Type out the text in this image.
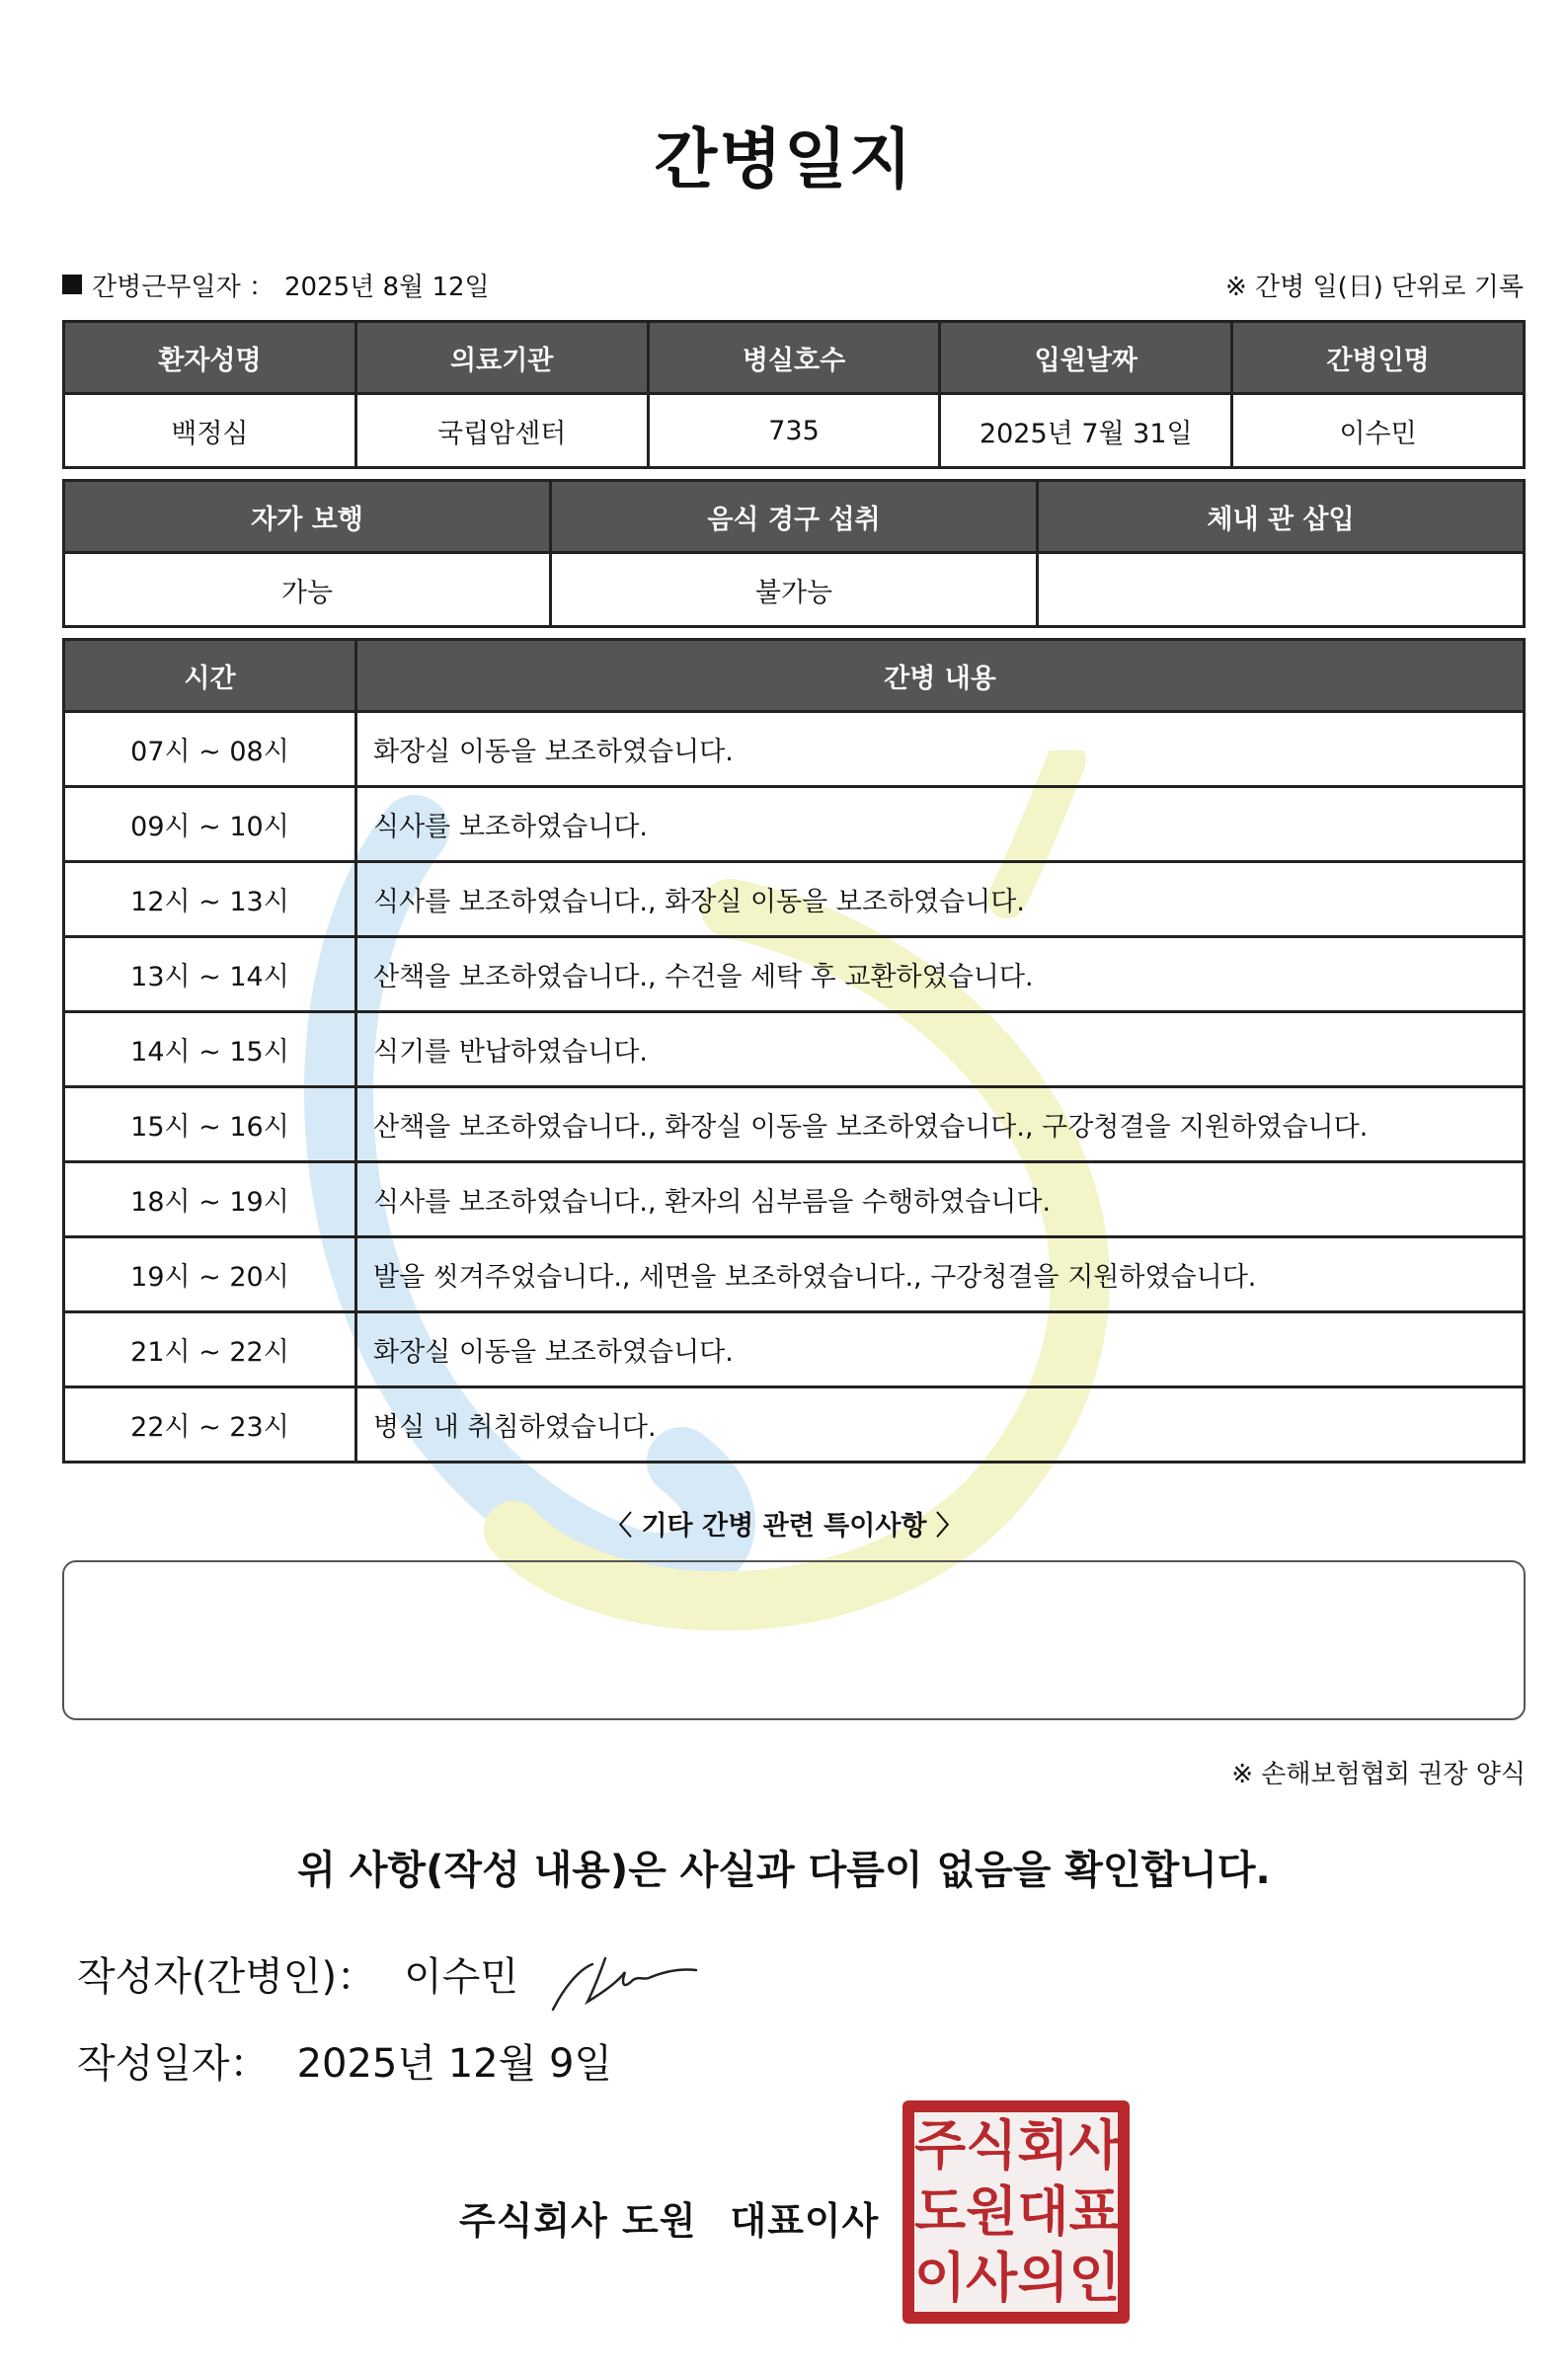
간병일지
간병근무일자 ： 2025년 8월 12일	※ 간병 일(日) 단위로 기록
환자성명	의료기관	병실호수	입원날짜	간병인명
백정심	국립암센터	735	2025년 7월 31일	이수민
자가 보행	음식 경구 섭취	체내 관 삽입
가능	불가능	
시간	간병 내용
07시 ~ 08시	화장실 이동을 보조하였습니다.
09시 ~ 10시	식사를 보조하였습니다.
12시 ~ 13시	식사를 보조하였습니다., 화장실 이동을 보조하였습니다.
13시 ~ 14시	산책을 보조하였습니다., 수건을 세탁 후 교환하였습니다.
14시 ~ 15시	식기를 반납하였습니다.
15시 ~ 16시	산책을 보조하였습니다., 화장실 이동을 보조하였습니다., 구강청결을 지원하였습니다.
18시 ~ 19시	식사를 보조하였습니다., 환자의 심부름을 수행하였습니다.
19시 ~ 20시	발을 씻겨주었습니다., 세면을 보조하였습니다., 구강청결을 지원하였습니다.
21시 ~ 22시	화장실 이동을 보조하였습니다.
22시 ~ 23시	병실 내 취침하였습니다.
〈 기타 간병 관련 특이사항 〉
※ 손해보험협회 권장 양식
위 사항(작성 내용)은 사실과 다름이 없음을 확인합니다.
작성자(간병인)： 이수민
작성일자： 2025년 12월 9일
주식회사 도원 대표이사
주 식 회 사
도 원 대 표
이 사 의 인
